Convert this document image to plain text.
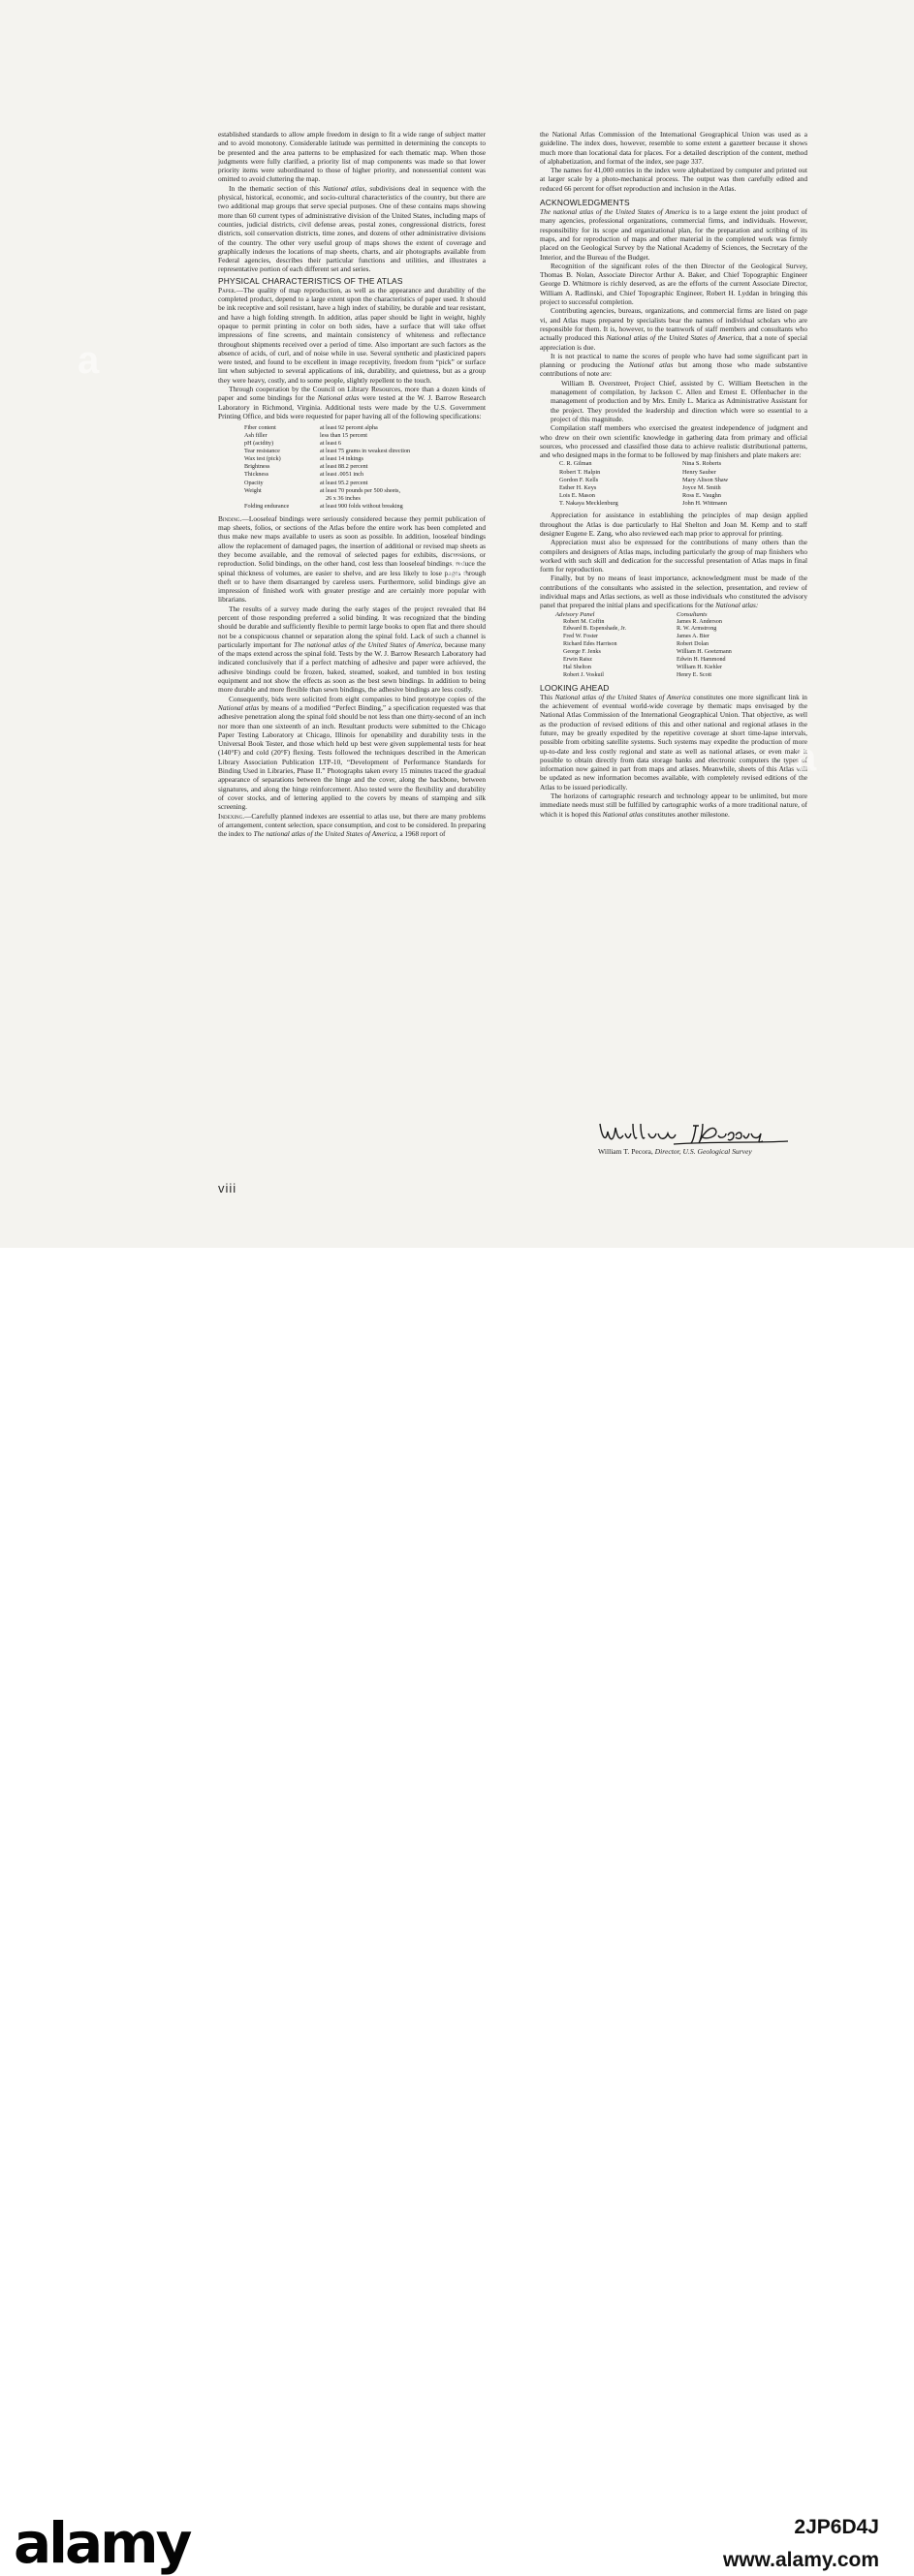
established standards to allow ample freedom in design to fit a wide range of subject matter and to avoid monotony. Considerable latitude was permitted in determining the concepts to be presented and the area patterns to be emphasized for each thematic map. When those judgments were fully clarified, a priority list of map components was made so that lower priority items were subordinated to those of higher priority, and nonessential content was omitted to avoid cluttering the map.

In the thematic section of this National atlas, subdivisions deal in sequence with the physical, historical, economic, and socio-cultural characteristics of the country, but there are two additional map groups that serve special purposes. One of these contains maps showing more than 60 current types of administrative division of the United States, including maps of counties, judicial districts, civil defense areas, postal zones, congressional districts, forest districts, soil conservation districts, time zones, and dozens of other administrative divisions of the country. The other very useful group of maps shows the extent of coverage and graphically indexes the locations of map sheets, charts, and air photographs available from Federal agencies, describes their particular functions and utilities, and illustrates a representative portion of each different set and series.

PHYSICAL CHARACTERISTICS OF THE ATLAS

Paper.—The quality of map reproduction, as well as the appearance and durability of the completed product, depend to a large extent upon the characteristics of paper used. It should be ink receptive and soil resistant, have a high index of stability, be durable and tear resistant, and have a high folding strength. In addition, atlas paper should be light in weight, highly opaque to permit printing in color on both sides, have a surface that will take offset impressions of fine screens, and maintain consistency of whiteness and reflectance throughout shipments received over a period of time. Also important are such factors as the absence of acids, of curl, and of noise while in use. Several synthetic and plasticized papers were tested, and found to be excellent in image receptivity, freedom from “pick” or surface lint when subjected to several applications of ink, durability, and quietness, but as a group they were heavy, costly, and to some people, slightly repellent to the touch.

Through cooperation by the Council on Library Resources, more than a dozen kinds of paper and some bindings for the National atlas were tested at the W. J. Barrow Research Laboratory in Richmond, Virginia. Additional tests were made by the U.S. Government Printing Office, and bids were requested for paper having all of the following specifications:

Fiber content	at least 92 percent alpha
Ash filler	less than 15 percent
pH (acidity)	at least 6
Tear resistance	at least 75 grams in weakest direction
Wax test (pick)	at least 14 inkings
Brightness	at least 88.2 percent
Thickness	at least .0051 inch
Opacity	at least 95.2 percent
Weight	at least 70 pounds per 500 sheets,
26 x 36 inches
Folding endurance	at least 900 folds without breaking

Binding.—Looseleaf bindings were seriously considered because they permit publication of map sheets, folios, or sections of the Atlas before the entire work has been completed and thus make new maps available to users as soon as possible. In addition, looseleaf bindings allow the replacement of damaged pages, the insertion of additional or revised map sheets as they become available, and the removal of selected pages for exhibits, discussions, or reproduction. Solid bindings, on the other hand, cost less than looseleaf bindings, reduce the spinal thickness of volumes, are easier to shelve, and are less likely to lose pages through theft or to have them disarranged by careless users. Furthermore, solid bindings give an impression of finished work with greater prestige and are certainly more popular with librarians.

The results of a survey made during the early stages of the project revealed that 84 percent of those responding preferred a solid binding. It was recognized that the binding should be durable and sufficiently flexible to permit large books to open flat and there should not be a conspicuous channel or separation along the spinal fold. Lack of such a channel is particularly important for The national atlas of the United States of America, because many of the maps extend across the spinal fold. Tests by the W. J. Barrow Research Laboratory had indicated conclusively that if a perfect matching of adhesive and paper were achieved, the adhesive bindings could be frozen, baked, steamed, soaked, and tumbled in box testing equipment and not show the effects as soon as the best sewn bindings. In addition to being more durable and more flexible than sewn bindings, the adhesive bindings are less costly.

Consequently, bids were solicited from eight companies to bind prototype copies of the National atlas by means of a modified “Perfect Binding,” a specification requested was that adhesive penetration along the spinal fold should be not less than one thirty-second of an inch nor more than one sixteenth of an inch. Resultant products were submitted to the Chicago Paper Testing Laboratory at Chicago, Illinois for openability and durability tests in the Universal Book Tester, and those which held up best were given supplemental tests for heat (140°F) and cold (20°F) flexing. Tests followed the techniques described in the American Library Association Publication LTP-10, “Development of Performance Standards for Binding Used in Libraries, Phase II.” Photographs taken every 15 minutes traced the gradual appearance of separations between the hinge and the cover, along the backbone, between signatures, and along the hinge reinforcement. Also tested were the flexibility and durability of cover stocks, and of lettering applied to the covers by means of stamping and silk screening.

Indexing.—Carefully planned indexes are essential to atlas use, but there are many problems of arrangement, content selection, space consumption, and cost to be considered. In preparing the index to The national atlas of the United States of America, a 1968 report of

the National Atlas Commission of the International Geographical Union was used as a guideline. The index does, however, resemble to some extent a gazetteer because it shows much more than locational data for places. For a detailed description of the content, method of alphabetization, and format of the index, see page 337.

The names for 41,000 entries in the index were alphabetized by computer and printed out at larger scale by a photo-mechanical process. The output was then carefully edited and reduced 66 percent for offset reproduction and inclusion in the Atlas.

ACKNOWLEDGMENTS

The national atlas of the United States of America is to a large extent the joint product of many agencies, professional organizations, commercial firms, and individuals. However, responsibility for its scope and organizational plan, for the preparation and scribing of its maps, and for reproduction of maps and other material in the completed work was firmly placed on the Geological Survey by the National Academy of Sciences, the Secretary of the Interior, and the Bureau of the Budget.

Recognition of the significant roles of the then Director of the Geological Survey, Thomas B. Nolan, Associate Director Arthur A. Baker, and Chief Topographic Engineer George D. Whitmore is richly deserved, as are the efforts of the current Associate Director, William A. Radlinski, and Chief Topographic Engineer, Robert H. Lyddan in bringing this project to successful completion.

Contributing agencies, bureaus, organizations, and commercial firms are listed on page vi, and Atlas maps prepared by specialists bear the names of individual scholars who are responsible for them. It is, however, to the teamwork of staff members and consultants who actually produced this National atlas of the United States of America, that a note of special appreciation is due.

It is not practical to name the scores of people who have had some significant part in planning or producing the National atlas but among those who made substantive contributions of note are:

William B. Overstreet, Project Chief, assisted by C. William Beetschen in the management of compilation, by Jackson C. Allen and Ernest E. Offenbacher in the management of production and by Mrs. Emily L. Marica as Administrative Assistant for the project. They provided the leadership and direction which were so essential to a project of this magnitude.

Compilation staff members who exercised the greatest independence of judgment and who drew on their own scientific knowledge in gathering data from primary and official sources, who processed and classified those data to achieve realistic distributional patterns, and who designed maps in the format to be followed by map finishers and plate makers are:

C. R. Gilman	Nina S. Roberts
Robert T. Halpin	Henry Sauber
Gordon F. Kells	Mary Alison Shaw
Esther H. Keys	Joyce M. Smith
Lois E. Mason	Ross E. Vaughn
T. Nakaya Mecklenburg	John H. Wittmann

Appreciation for assistance in establishing the principles of map design applied throughout the Atlas is due particularly to Hal Shelton and Joan M. Kemp and to staff designer Eugene E. Zang, who also reviewed each map prior to approval for printing.

Appreciation must also be expressed for the contributions of many others than the compilers and designers of Atlas maps, including particularly the group of map finishers who worked with such skill and dedication for the successful presentation of Atlas maps in final form for reproduction.

Finally, but by no means of least importance, acknowledgment must be made of the contributions of the consultants who assisted in the selection, presentation, and review of individual maps and Atlas sections, as well as those individuals who constituted the advisory panel that prepared the initial plans and specifications for the National atlas:

Advisory Panel	Consultants
Robert M. Coffin	James R. Anderson
Edward B. Espenshade, Jr.	R. W. Armstrong
Fred W. Foster	James A. Bier
Richard Edes Harrison	Robert Dolan
George F. Jenks	William H. Goetzmann
Erwin Raisz	Edwin H. Hammond
Hal Shelton	William H. Kiehler
Robert J. Voskuil	Henry E. Scott
LOOKING AHEAD

This National atlas of the United States of America constitutes one more significant link in the achievement of eventual world-wide coverage by thematic maps envisaged by the National Atlas Commission of the International Geographical Union. That objective, as well as the production of revised editions of this and other national and regional atlases in the future, may be greatly expedited by the repetitive coverage at short time-lapse intervals, possible from orbiting satellite systems. Such systems may expedite the production of more up-to-date and less costly regional and state as well as national atlases, or even make it possible to obtain directly from data storage banks and electronic computers the types of information now gained in part from maps and atlases. Meanwhile, sheets of this Atlas will be updated as new information becomes available, with completely revised editions of the Atlas to be issued periodically.

The horizons of cartographic research and technology appear to be unlimited, but more immediate needs must still be fulfilled by cartographic works of a more traditional nature, of which it is hoped this National atlas constitutes another milestone.

William T. Pecora, Director, U.S. Geological Survey
viii
alamy	2JP6D4J
www.alamy.com
a
a
a
